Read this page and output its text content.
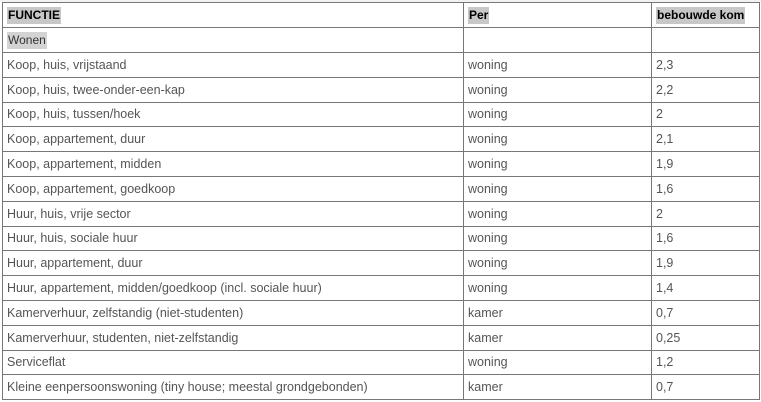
FUNCTIE	Per	bebouwde kom
Wonen		
Koop, huis, vrijstaand	woning	2,3
Koop, huis, twee-onder-een-kap	woning	2,2
Koop, huis, tussen/hoek	woning	2
Koop, appartement, duur	woning	2,1
Koop, appartement, midden	woning	1,9
Koop, appartement, goedkoop	woning	1,6
Huur, huis, vrije sector	woning	2
Huur, huis, sociale huur	woning	1,6
Huur, appartement, duur	woning	1,9
Huur, appartement, midden/goedkoop (incl. sociale huur)	woning	1,4
Kamerverhuur, zelfstandig (niet-studenten)	kamer	0,7
Kamerverhuur, studenten, niet-zelfstandig	kamer	0,25
Serviceflat	woning	1,2
Kleine eenpersoonswoning (tiny house; meestal grondgebonden)	kamer	0,7
